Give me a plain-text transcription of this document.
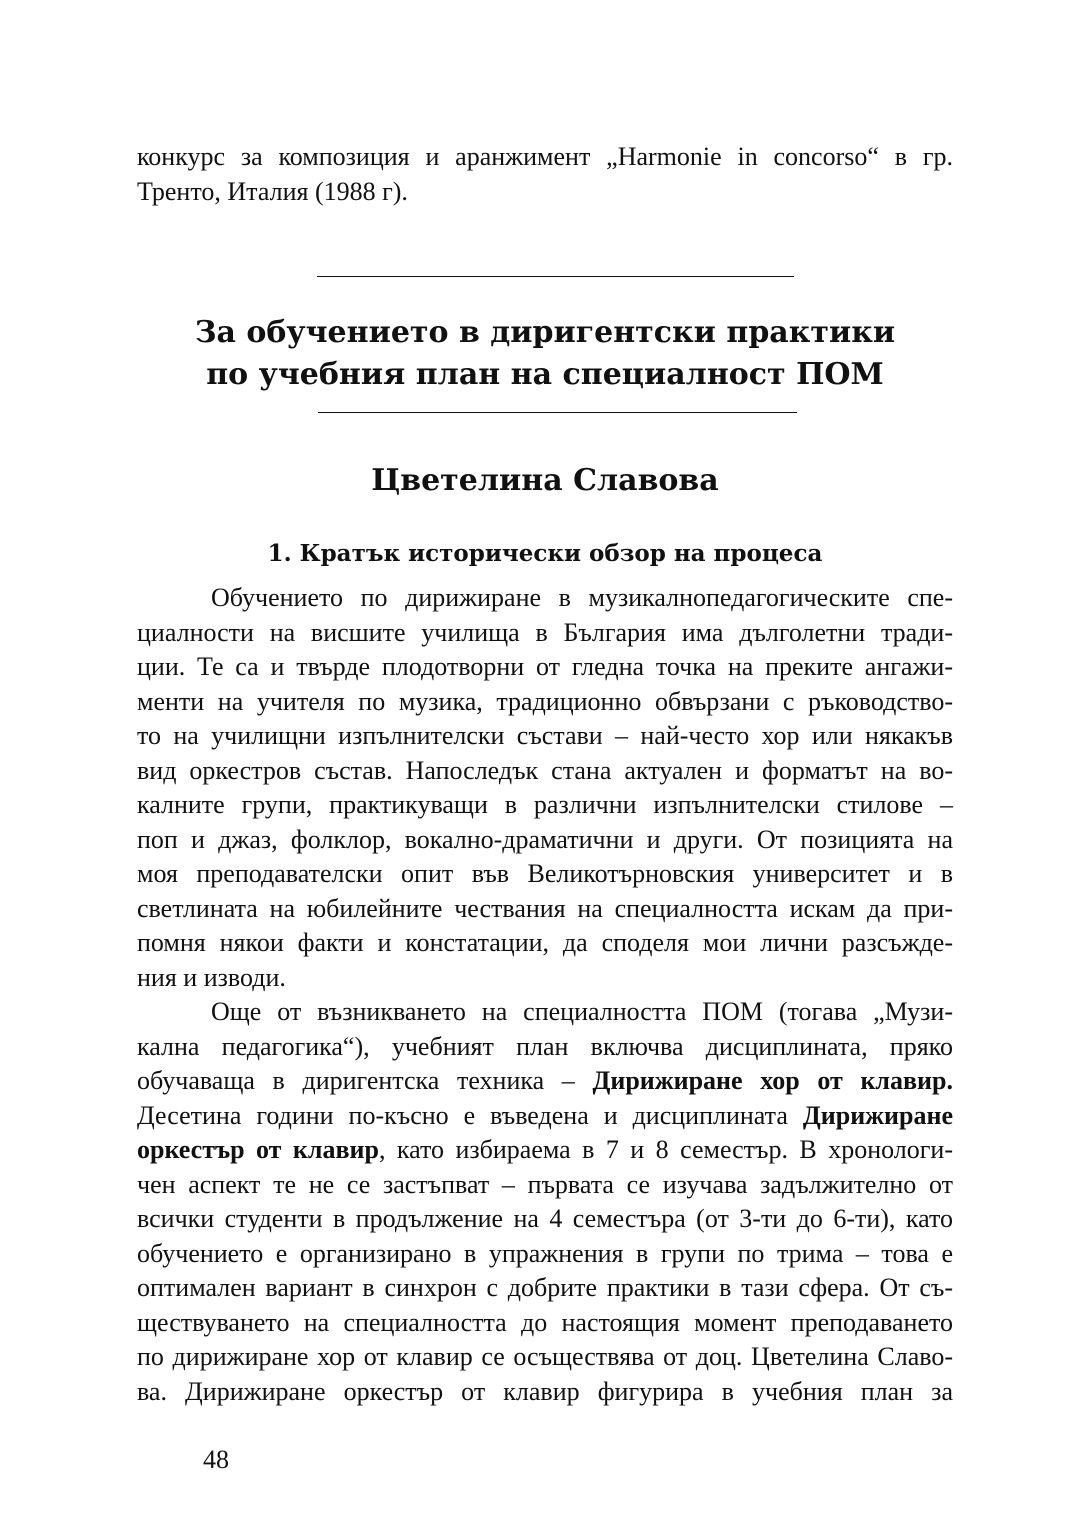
конкурс за композиция и аранжимент „Harmonie in concorso“ в гр.
Тренто, Италия (1988 г).

За обучението в диригентски практики
по учебния план на специалност ПОМ
Цветелина Славова
1. Кратък исторически обзор на процеса

Обучението по дирижиране в музикалнопедагогическите спе-
циалности на висшите училища в България има дълголетни тради-
ции. Те са и твърде плодотворни от гледна точка на преките ангажи-
менти на учителя по музика, традиционно обвързани с ръководство-
то на училищни изпълнителски състави – най-често хор или някакъв
вид оркестров състав. Напоследък стана актуален и форматът на во-
калните групи, практикуващи в различни изпълнителски стилове –
поп и джаз, фолклор, вокално-драматични и други. От позицията на
моя преподавателски опит във Великотърновския университет и в
светлината на юбилейните чествания на специалността искам да при-
помня някои факти и констатации, да споделя мои лични разсъжде-
ния и изводи.

Още от възникването на специалността ПОМ (тогава „Музи-
кална педагогика“), учебният план включва дисциплината, пряко
обучаваща в диригентска техника – Дирижиране хор от клавир.
Десетина години по-късно е въведена и дисциплината Дирижиране
оркестър от клавир, като избираема в 7 и 8 семестър. В хронологи-
чен аспект те не се застъпват – първата се изучава задължително от
всички студенти в продължение на 4 семестъра (от 3-ти до 6-ти), като
обучението е организирано в упражнения в групи по трима – това е
оптимален вариант в синхрон с добрите практики в тази сфера. От съ-
ществуването на специалността до настоящия момент преподаването
по дирижиране хор от клавир се осъществява от доц. Цветелина Славо-
ва. Дирижиране оркестър от клавир фигурира в учебния план за

48
